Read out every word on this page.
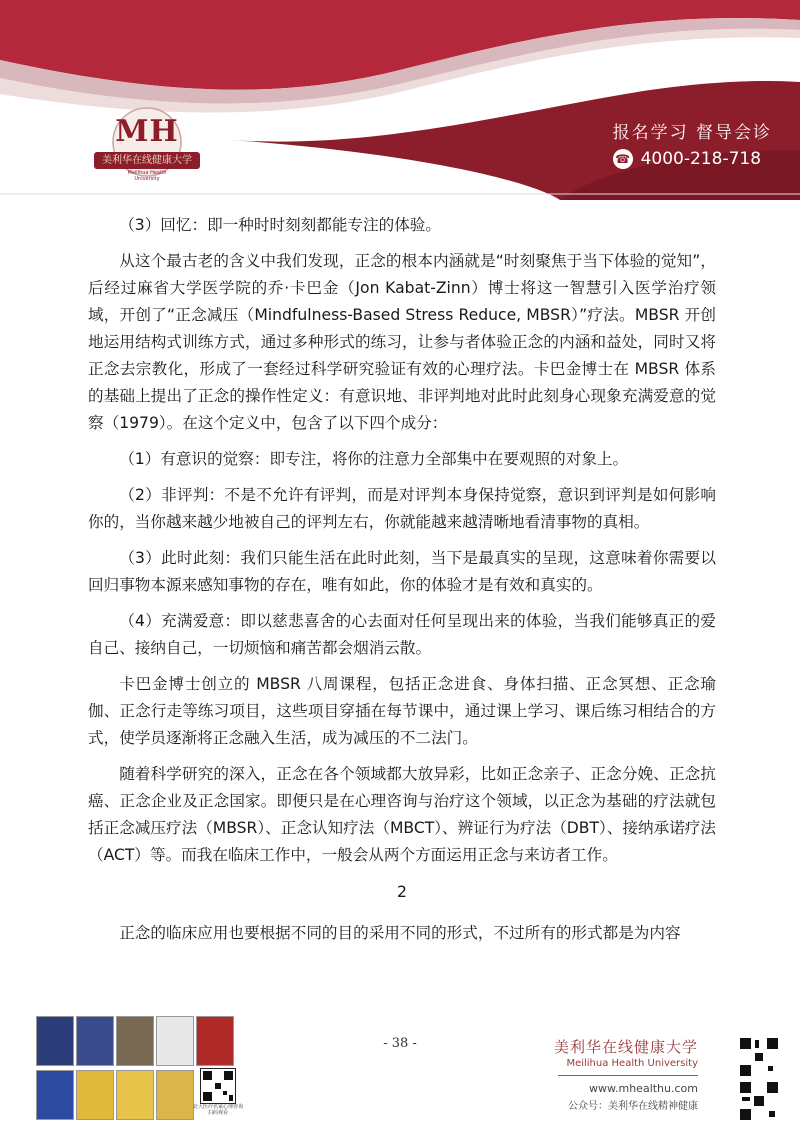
MH
美利华在线健康大学
Meilihua Health University
报名学习 督导会诊
☎ 4000-218-718

（3）回忆：即一种时时刻刻都能专注的体验。

从这个最古老的含义中我们发现，正念的根本内涵就是“时刻聚焦于当下体验的觉知”，后经过麻省大学医学院的乔·卡巴金（Jon Kabat-Zinn）博士将这一智慧引入医学治疗领域，开创了“正念减压（Mindfulness-Based Stress Reduce, MBSR）”疗法。MBSR 开创地运用结构式训练方式，通过多种形式的练习，让参与者体验正念的内涵和益处，同时又将正念去宗教化，形成了一套经过科学研究验证有效的心理疗法。卡巴金博士在 MBSR 体系的基础上提出了正念的操作性定义：有意识地、非评判地对此时此刻身心现象充满爱意的觉察（1979）。在这个定义中，包含了以下四个成分：

（1）有意识的觉察：即专注，将你的注意力全部集中在要观照的对象上。

（2）非评判：不是不允许有评判，而是对评判本身保持觉察，意识到评判是如何影响你的，当你越来越少地被自己的评判左右，你就能越来越清晰地看清事物的真相。

（3）此时此刻：我们只能生活在此时此刻，当下是最真实的呈现，这意味着你需要以回归事物本源来感知事物的存在，唯有如此，你的体验才是有效和真实的。

（4）充满爱意：即以慈悲喜舍的心去面对任何呈现出来的体验，当我们能够真正的爱自己、接纳自己，一切烦恼和痛苦都会烟消云散。

卡巴金博士创立的 MBSR 八周课程，包括正念进食、身体扫描、正念冥想、正念瑜伽、正念行走等练习项目，这些项目穿插在每节课中，通过课上学习、课后练习相结合的方式，使学员逐渐将正念融入生活，成为减压的不二法门。

随着科学研究的深入，正念在各个领域都大放异彩，比如正念亲子、正念分娩、正念抗癌、正念企业及正念国家。即便只是在心理咨询与治疗这个领域，以正念为基础的疗法就包括正念减压疗法（MBSR）、正念认知疗法（MBCT）、辨证行为疗法（DBT）、接纳承诺疗法（ACT）等。而我在临床工作中，一般会从两个方面运用正念与来访者工作。

2

正念的临床应用也要根据不同的目的采用不同的形式，不过所有的形式都是为内容

北大医疗名家心理咨询 扫码观看
- 38 -	美利华在线健康大学
Meilihua Health University
www.mhealthu.com
公众号：美利华在线精神健康
